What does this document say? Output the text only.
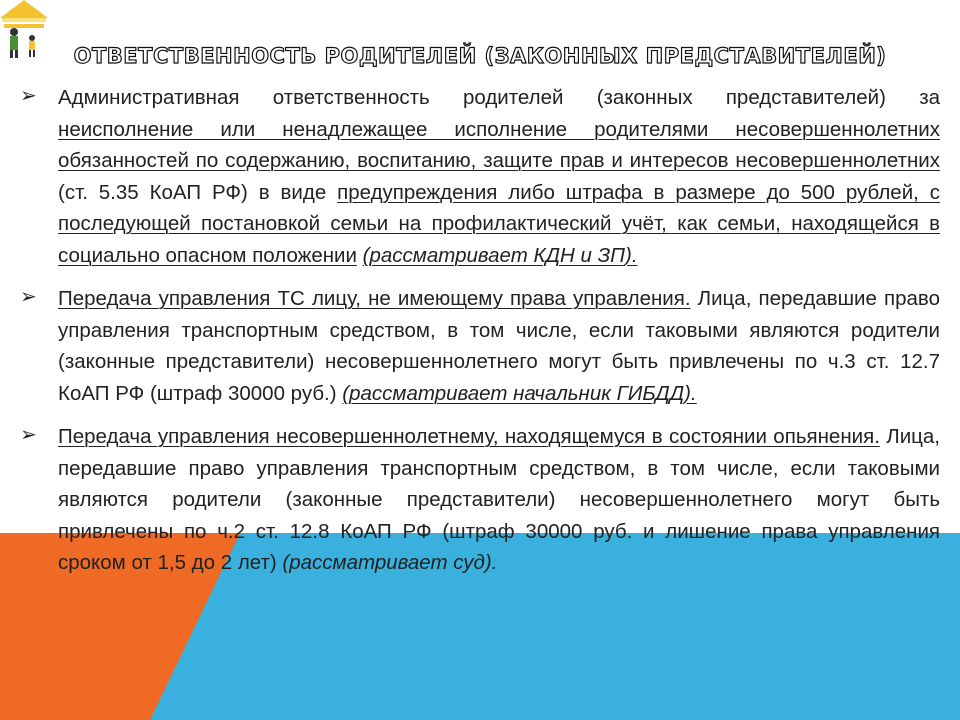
ОТВЕТСТВЕННОСТЬ РОДИТЕЛЕЙ (ЗАКОННЫХ ПРЕДСТАВИТЕЛЕЙ)
➢ Административная ответственность родителей (законных представителей) за неисполнение или ненадлежащее исполнение родителями несовершеннолетних обязанностей по содержанию, воспитанию, защите прав и интересов несовершеннолетних (ст. 5.35 КоАП РФ) в виде предупреждения либо штрафа в размере до 500 рублей, с последующей постановкой семьи на профилактический учёт, как семьи, находящейся в социально опасном положении (рассматривает КДН и ЗП).
➢ Передача управления ТС лицу, не имеющему права управления. Лица, передавшие право управления транспортным средством, в том числе, если таковыми являются родители (законные представители) несовершеннолетнего могут быть привлечены по ч.3 ст. 12.7 КоАП РФ (штраф 30000 руб.) (рассматривает начальник ГИБДД).
➢ Передача управления несовершеннолетнему, находящемуся в состоянии опьянения. Лица, передавшие право управления транспортным средством, в том числе, если таковыми являются родители (законные представители) несовершеннолетнего могут быть привлечены по ч.2 ст. 12.8 КоАП РФ (штраф 30000 руб. и лишение права управления сроком от 1,5 до 2 лет) (рассматривает суд).
